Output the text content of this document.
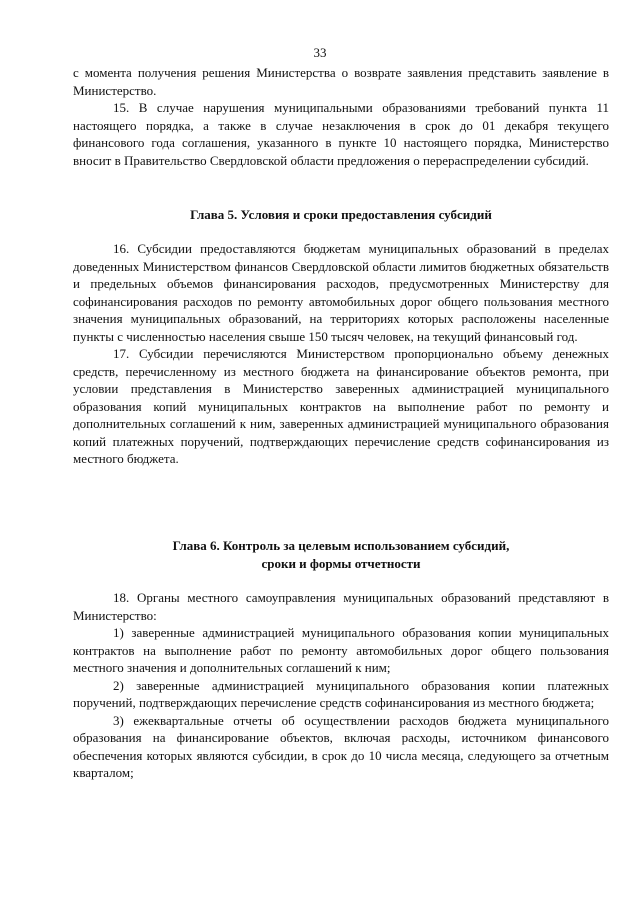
33

с момента получения решения Министерства о возврате заявления представить заявление в Министерство.

15. В случае нарушения муниципальными образованиями требований пункта 11 настоящего порядка, а также в случае незаключения в срок до 01 декабря текущего финансового года соглашения, указанного в пункте 10 настоящего порядка, Министерство вносит в Правительство Свердловской области предложения о перераспределении субсидий.

Глава 5. Условия и сроки предоставления субсидий

16. Субсидии предоставляются бюджетам муниципальных образований в пределах доведенных Министерством финансов Свердловской области лимитов бюджетных обязательств и предельных объемов финансирования расходов, предусмотренных Министерству для софинансирования расходов по ремонту автомобильных дорог общего пользования местного значения муниципальных образований, на территориях которых расположены населенные пункты с численностью населения свыше 150 тысяч человек, на текущий финансовый год.

17. Субсидии перечисляются Министерством пропорционально объему денежных средств, перечисленному из местного бюджета на финансирование объектов ремонта, при условии представления в Министерство заверенных администрацией муниципального образования копий муниципальных контрактов на выполнение работ по ремонту и дополнительных соглашений к ним, заверенных администрацией муниципального образования копий платежных поручений, подтверждающих перечисление средств софинансирования из местного бюджета.

Глава 6. Контроль за целевым использованием субсидий,
сроки и формы отчетности

18. Органы местного самоуправления муниципальных образований представляют в Министерство:

1) заверенные администрацией муниципального образования копии муниципальных контрактов на выполнение работ по ремонту автомобильных дорог общего пользования местного значения и дополнительных соглашений к ним;

2) заверенные администрацией муниципального образования копии платежных поручений, подтверждающих перечисление средств софинансирования из местного бюджета;

3) ежеквартальные отчеты об осуществлении расходов бюджета муниципального образования на финансирование объектов, включая расходы, источником финансового обеспечения которых являются субсидии, в срок до 10 числа месяца, следующего за отчетным кварталом;
